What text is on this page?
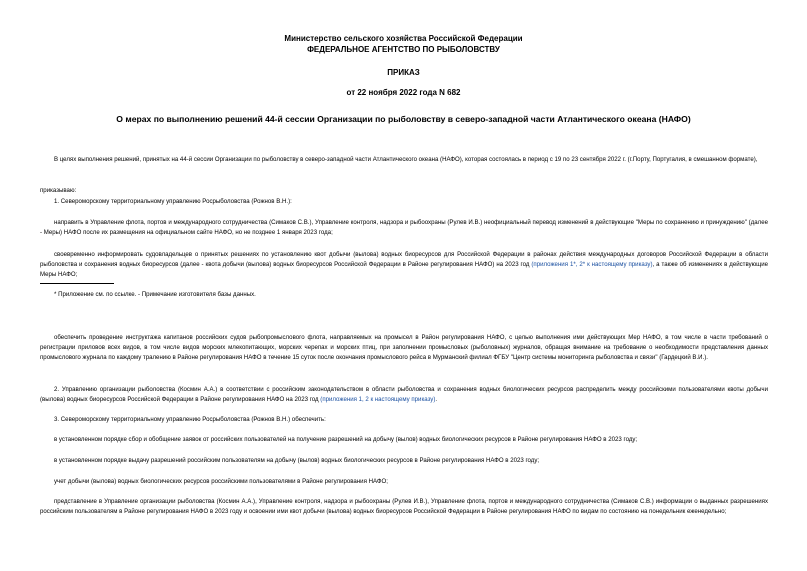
Министерство сельского хозяйства Российской Федерации
ФЕДЕРАЛЬНОЕ АГЕНТСТВО ПО РЫБОЛОВСТВУ
ПРИКАЗ
от 22 ноября 2022 года N 682
О мерах по выполнению решений 44-й сессии Организации по рыболовству в северо-западной части Атлантического океана (НАФО)
В целях выполнения решений, принятых на 44-й сессии Организации по рыболовству в северо-западной части Атлантического океана (НАФО), которая состоялась в период с 19 по 23 сентября 2022 г. (г.Порту, Португалия, в смешанном формате),
приказываю:
1. Североморскому территориальному управлению Росрыболовства (Рожнов В.Н.):
направить в Управление флота, портов и международного сотрудничества (Симаков С.В.), Управление контроля, надзора и рыбоохраны (Рулев И.В.) неофициальный перевод изменений в действующие "Меры по сохранению и принуждению" (далее - Меры) НАФО после их размещения на официальном сайте НАФО, но не позднее 1 января 2023 года;
своевременно информировать судовладельцев о принятых решениях по установлению квот добычи (вылова) водных биоресурсов для Российской Федерации в районах действия международных договоров Российской Федерации в области рыболовства и сохранения водных биоресурсов (далее - квота добычи (вылова) водных биоресурсов Российской Федерации в Районе регулирования НАФО) на 2023 год (приложения 1*, 2* к настоящему приказу), а также об изменениях в действующие Меры НАФО;
* Приложение см. по ссылке. - Примечание изготовителя базы данных.
обеспечить проведение инструктажа капитанов российских судов рыбопромыслового флота, направляемых на промысел в Район регулирования НАФО, с целью выполнения ими действующих Мер НАФО, в том числе в части требований о регистрации приловов всех видов, в том числе видов морских млекопитающих, морских черепах и морских птиц, при заполнении промысловых (рыболовных) журналов, обращая внимание на требование о необходимости представления данных промыслового журнала по каждому тралению в Районе регулирования НАФО в течение 15 суток после окончания промыслового рейса в Мурманский филиал ФГБУ "Центр системы мониторинга рыболовства и связи" (Гардецкий В.И.).
2. Управлению организации рыболовства (Космин А.А.) в соответствии с российским законодательством в области рыболовства и сохранения водных биологических ресурсов распределить между российскими пользователями квоты добычи (вылова) водных биоресурсов Российской Федерации в Районе регулирования НАФО на 2023 год (приложения 1, 2 к настоящему приказу).
3. Североморскому территориальному управлению Росрыболовства (Рожнов В.Н.) обеспечить:
в установленном порядке сбор и обобщение заявок от российских пользователей на получение разрешений на добычу (вылов) водных биологических ресурсов в Районе регулирования НАФО в 2023 году;
в установленном порядке выдачу разрешений российским пользователям на добычу (вылов) водных биологических ресурсов в Районе регулирования НАФО в 2023 году;
учет добычи (вылова) водных биологических ресурсов российскими пользователями в Районе регулирования НАФО;
представление в Управление организации рыболовства (Космин А.А.), Управление контроля, надзора и рыбоохраны (Рулев И.В.), Управление флота, портов и международного сотрудничества (Симаков С.В.) информации о выданных разрешениях российским пользователям в Районе регулирования НАФО в 2023 году и освоении ими квот добычи (вылова) водных биоресурсов Российской Федерации в Районе регулирования НАФО по видам по состоянию на понедельник еженедельно;
